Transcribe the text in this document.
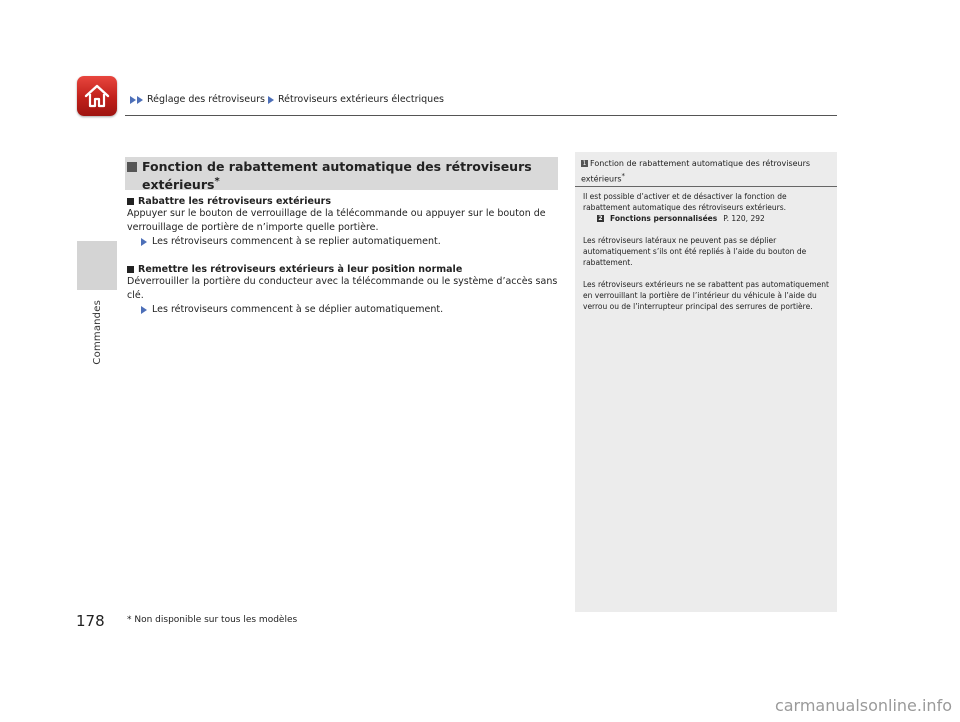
Réglage des rétroviseurs Rétroviseurs extérieurs électriques
Commandes
Fonction de rabattement automatique des rétroviseurs extérieurs*
Rabattre les rétroviseurs extérieurs
Appuyer sur le bouton de verrouillage de la télécommande ou appuyer sur le bouton de verrouillage de portière de n’importe quelle portière.
Les rétroviseurs commencent à se replier automatiquement.
Remettre les rétroviseurs extérieurs à leur position normale
Déverrouiller la portière du conducteur avec la télécommande ou le système d’accès sans clé.
Les rétroviseurs commencent à se déplier automatiquement.
1 Fonction de rabattement automatique des rétroviseurs extérieurs*

Il est possible d’activer et de désactiver la fonction de rabattement automatique des rétroviseurs extérieurs.
2 Fonctions personnalisées P. 120, 292

Les rétroviseurs latéraux ne peuvent pas se déplier automatiquement s’ils ont été repliés à l’aide du bouton de rabattement.

Les rétroviseurs extérieurs ne se rabattent pas automatiquement en verrouillant la portière de l’intérieur du véhicule à l’aide du verrou ou de l’interrupteur principal des serrures de portière.

178 * Non disponible sur tous les modèles
carmanualsonline.info
